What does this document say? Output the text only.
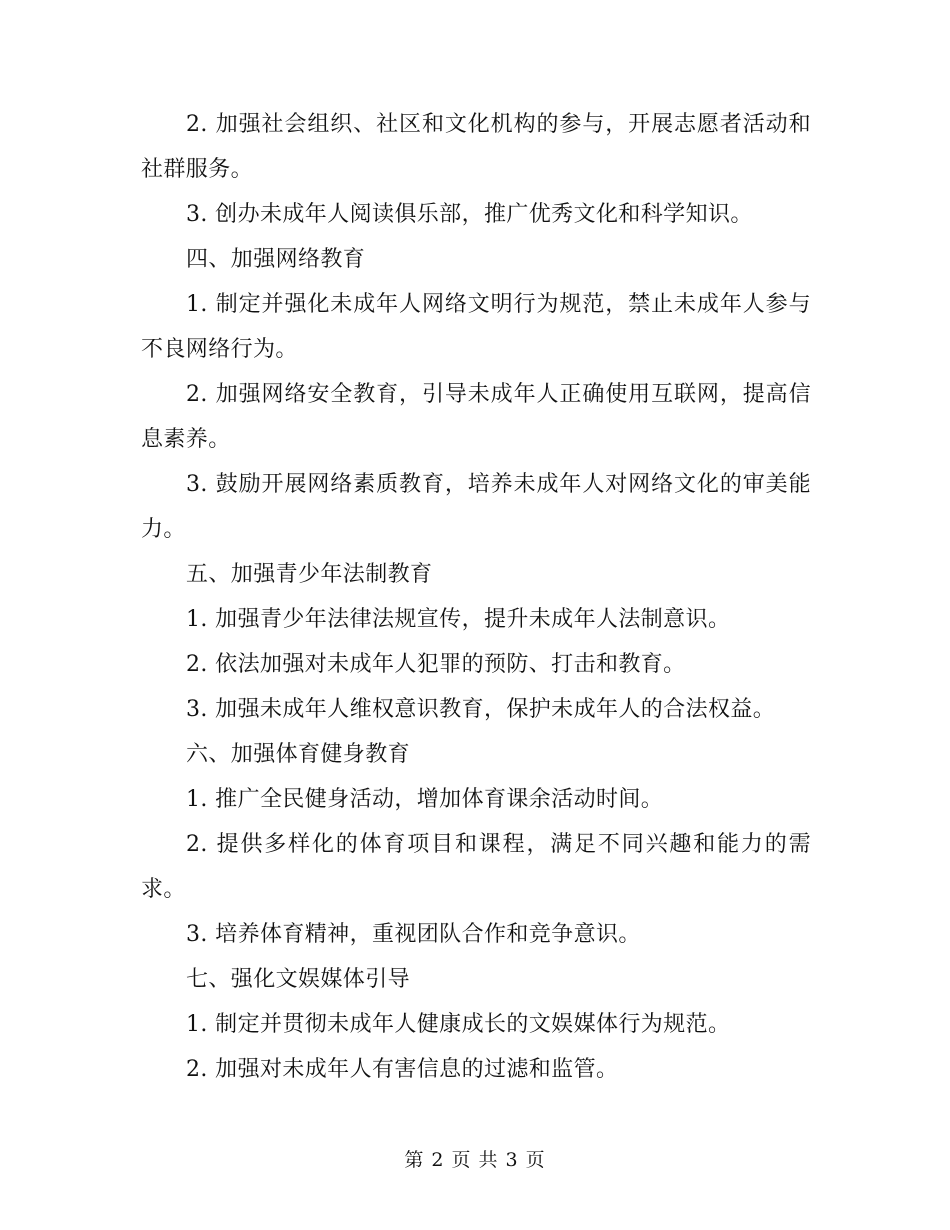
2. 加强社会组织、社区和文化机构的参与，开展志愿者活动和社群服务。

3. 创办未成年人阅读俱乐部，推广优秀文化和科学知识。

四、加强网络教育

1. 制定并强化未成年人网络文明行为规范，禁止未成年人参与不良网络行为。

2. 加强网络安全教育，引导未成年人正确使用互联网，提高信息素养。

3. 鼓励开展网络素质教育，培养未成年人对网络文化的审美能力。

五、加强青少年法制教育

1. 加强青少年法律法规宣传，提升未成年人法制意识。

2. 依法加强对未成年人犯罪的预防、打击和教育。

3. 加强未成年人维权意识教育，保护未成年人的合法权益。

六、加强体育健身教育

1. 推广全民健身活动，增加体育课余活动时间。

2. 提供多样化的体育项目和课程，满足不同兴趣和能力的需求。

3. 培养体育精神，重视团队合作和竞争意识。

七、强化文娱媒体引导

1. 制定并贯彻未成年人健康成长的文娱媒体行为规范。

2. 加强对未成年人有害信息的过滤和监管。

第 2 页 共 3 页
